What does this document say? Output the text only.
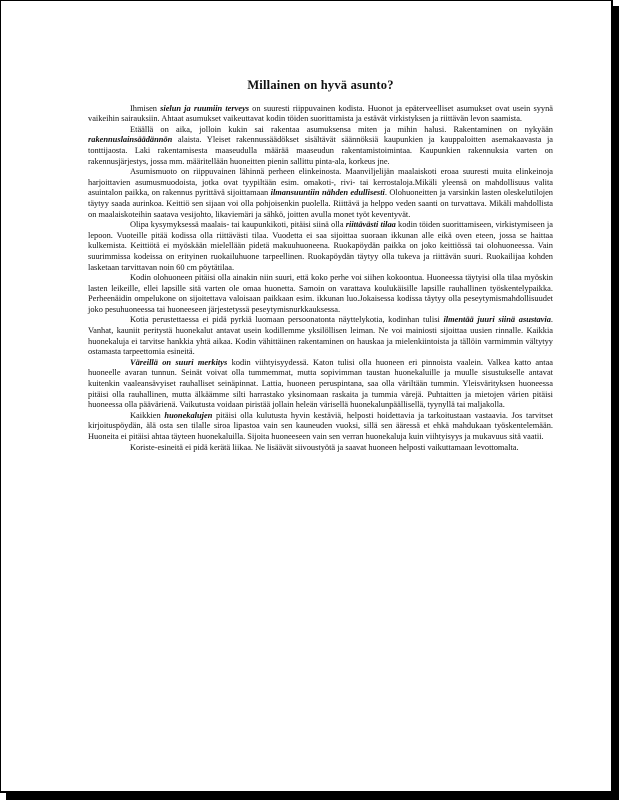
Millainen on hyvä asunto?

Ihmisen sielun ja ruumiin terveys on suuresti riippuvainen kodista. Huonot ja epäterveelliset asumukset ovat usein syynä vaikeihin sairauksiin. Ahtaat asumukset vaikeuttavat kodin töiden suorittamista ja estävät virkistyksen ja riittävän levon saamista.

Etäällä on aika, jolloin kukin sai rakentaa asumuksensa miten ja mihin halusi. Rakentaminen on nykyään rakennuslainsäädännön alaista. Yleiset rakennussäädökset sisältävät säännöksiä kaupunkien ja kauppaloitten asemakaavasta ja tonttijaosta. Laki rakentamisesta maaseudulla määrää maaseudun rakentamistoimintaa. Kaupunkien rakennuksia varten on rakennusjärjestys, jossa mm. määritellään huoneitten pienin sallittu pinta-ala, korkeus jne.

Asumismuoto on riippuvainen lähinnä perheen elinkeinosta. Maanviljelijän maalaiskoti eroaa suuresti muita elinkeinoja harjoittavien asumusmuodoista, jotka ovat tyypiltään esim. omakoti-, rivi- tai kerrostaloja.Mikäli yleensä on mahdollisuus valita asuintalon paikka, on rakennus pyrittävä sijoittamaan ilmansuuntiin nähden edullisesti. Olohuoneitten ja varsinkin lasten oleskelutilojen täytyy saada aurinkoa. Keittiö sen sijaan voi olla pohjoisenkin puolella. Riittävä ja helppo veden saanti on turvattava. Mikäli mahdollista on maalaiskoteihin saatava vesijohto, likaviemäri ja sähkö, joitten avulla monet työt keventyvät.

Olipa kysymyksessä maalais- tai kaupunkikoti, pitäisi siinä olla riittävästi tilaa kodin töiden suorittamiseen, virkistymiseen ja lepoon. Vuoteille pitää kodissa olla riittävästi tilaa. Vuodetta ei saa sijoittaa suoraan ikkunan alle eikä oven eteen, jossa se haittaa kulkemista. Keittiötä ei myöskään mielellään pidetä makuuhuoneena. Ruokapöydän paikka on joko keittiössä tai olohuoneessa. Vain suurimmissa kodeissa on erityinen ruokailuhuone tarpeellinen. Ruokapöydän täytyy olla tukeva ja riittävän suuri. Ruokailijaa kohden lasketaan tarvittavan noin 60 cm pöytätilaa.

Kodin olohuoneen pitäisi olla ainakin niin suuri, että koko perhe voi siihen kokoontua. Huoneessa täytyisi olla tilaa myöskin lasten leikeille, ellei lapsille sitä varten ole omaa huonetta. Samoin on varattava koulukäisille lapsille rauhallinen työskentelypaikka. Perheenäidin ompelukone on sijoitettava valoisaan paikkaan esim. ikkunan luo.Jokaisessa kodissa täytyy olla peseytymismahdollisuudet joko pesuhuoneessa tai huoneeseen järjestetyssä peseytymisnurkkauksessa.

Kotia perustettaessa ei pidä pyrkiä luomaan persoonatonta näyttelykotia, kodinhan tulisi ilmentää juuri siinä asustavia. Vanhat, kauniit peritystä huonekalut antavat usein kodillemme yksilöllisen leiman. Ne voi mainiosti sijoittaa uusien rinnalle. Kaikkia huonekaluja ei tarvitse hankkia yhtä aikaa. Kodin vähittäinen rakentaminen on hauskaa ja mielenkiintoista ja tällöin varmimmin vältytyy ostamasta tarpeettomia esineitä.

Väreillä on suuri merkitys kodin viihtyisyydessä. Katon tulisi olla huoneen eri pinnoista vaalein. Valkea katto antaa huoneelle avaran tunnun. Seinät voivat olla tummemmat, mutta sopivimman taustan huonekaluille ja muulle sisustukselle antavat kuitenkin vaaleansävyiset rauhalliset seinäpinnat. Lattia, huoneen peruspintana, saa olla väriltään tummin. Yleisvärityksen huoneessa pitäisi olla rauhallinen, mutta älkäämme silti harrastako yksinomaan raskaita ja tummia värejä. Puhtaitten ja mietojen värien pitäisi huoneessa olla päävärienä. Vaikutusta voidaan piristää jollain heleän värisellä huonekalunpäällisellä, tyynyllä tai maljakolla.

Kaikkien huonekalujen pitäisi olla kulutusta hyvin kestäviä, helposti hoidettavia ja tarkoitustaan vastaavia. Jos tarvitset kirjoituspöydän, älä osta sen tilalle siroa lipastoa vain sen kauneuden vuoksi, sillä sen ääressä et ehkä mahdukaan työskentelemään. Huoneita ei pitäisi ahtaa täyteen huonekaluilla. Sijoita huoneeseen vain sen verran huonekaluja kuin viihtyisyys ja mukavuus sitä vaatii.

Koriste-esineitä ei pidä kerätä liikaa. Ne lisäävät siivoustyötä ja saavat huoneen helposti vaikuttamaan levottomalta.
